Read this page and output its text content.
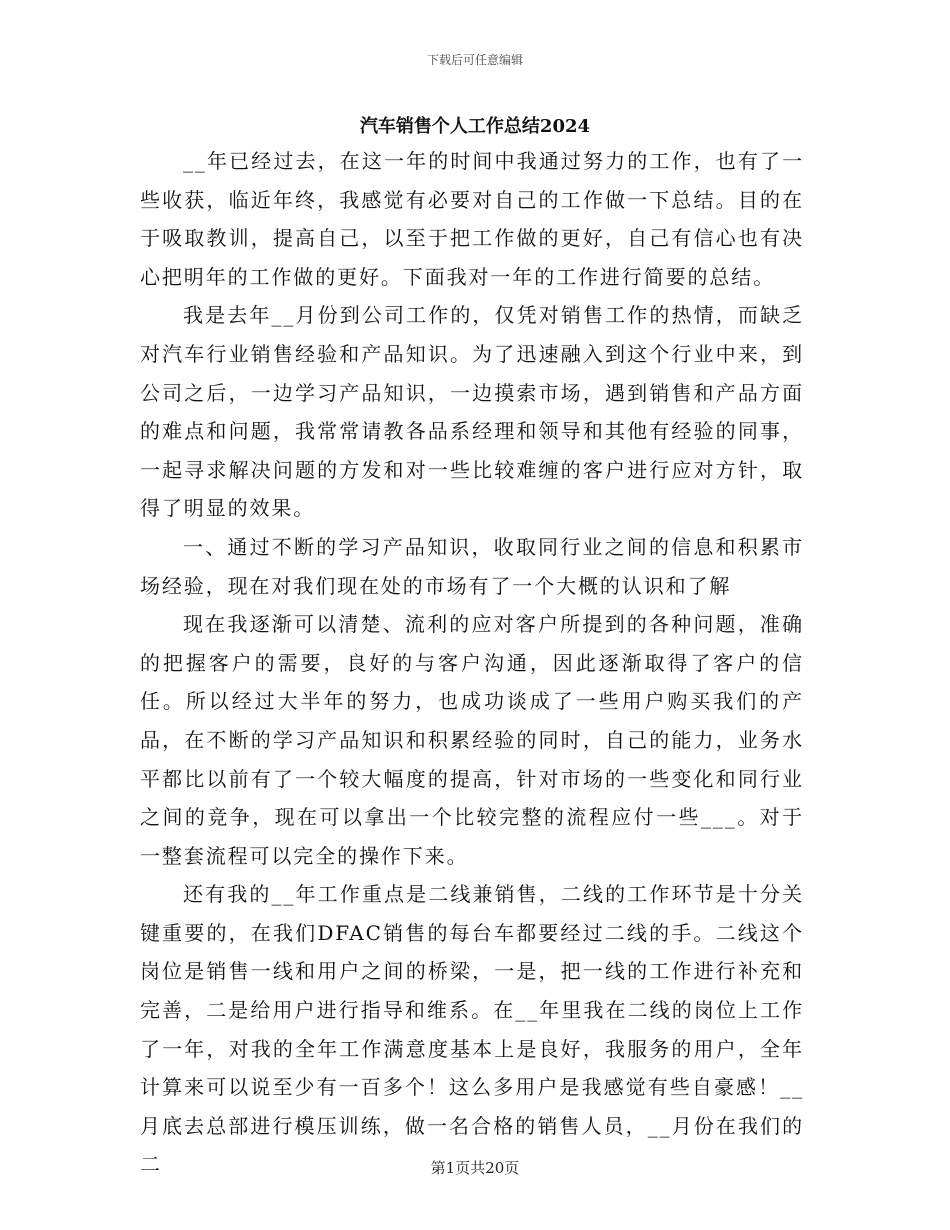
下载后可任意编辑
汽车销售个人工作总结2024

__年已经过去，在这一年的时间中我通过努力的工作，也有了一些收获，临近年终，我感觉有必要对自己的工作做一下总结。目的在于吸取教训，提高自己，以至于把工作做的更好，自己有信心也有决心把明年的工作做的更好。下面我对一年的工作进行简要的总结。

我是去年__月份到公司工作的，仅凭对销售工作的热情，而缺乏对汽车行业销售经验和产品知识。为了迅速融入到这个行业中来，到公司之后，一边学习产品知识，一边摸索市场，遇到销售和产品方面的难点和问题，我常常请教各品系经理和领导和其他有经验的同事，一起寻求解决问题的方发和对一些比较难缠的客户进行应对方针，取得了明显的效果。

一、通过不断的学习产品知识，收取同行业之间的信息和积累市场经验，现在对我们现在处的市场有了一个大概的认识和了解

现在我逐渐可以清楚、流利的应对客户所提到的各种问题，准确的把握客户的需要，良好的与客户沟通，因此逐渐取得了客户的信任。所以经过大半年的努力，也成功谈成了一些用户购买我们的产品，在不断的学习产品知识和积累经验的同时，自己的能力，业务水平都比以前有了一个较大幅度的提高，针对市场的一些变化和同行业之间的竞争，现在可以拿出一个比较完整的流程应付一些___。对于一整套流程可以完全的操作下来。

还有我的__年工作重点是二线兼销售，二线的工作环节是十分关键重要的，在我们DFAC销售的每台车都要经过二线的手。二线这个岗位是销售一线和用户之间的桥梁，一是，把一线的工作进行补充和完善，二是给用户进行指导和维系。在__年里我在二线的岗位上工作了一年，对我的全年工作满意度基本上是良好，我服务的用户，全年计算来可以说至少有一百多个！这么多用户是我感觉有些自豪感！__月底去总部进行模压训练，做一名合格的销售人员，__月份在我们的二	第1页共20页
